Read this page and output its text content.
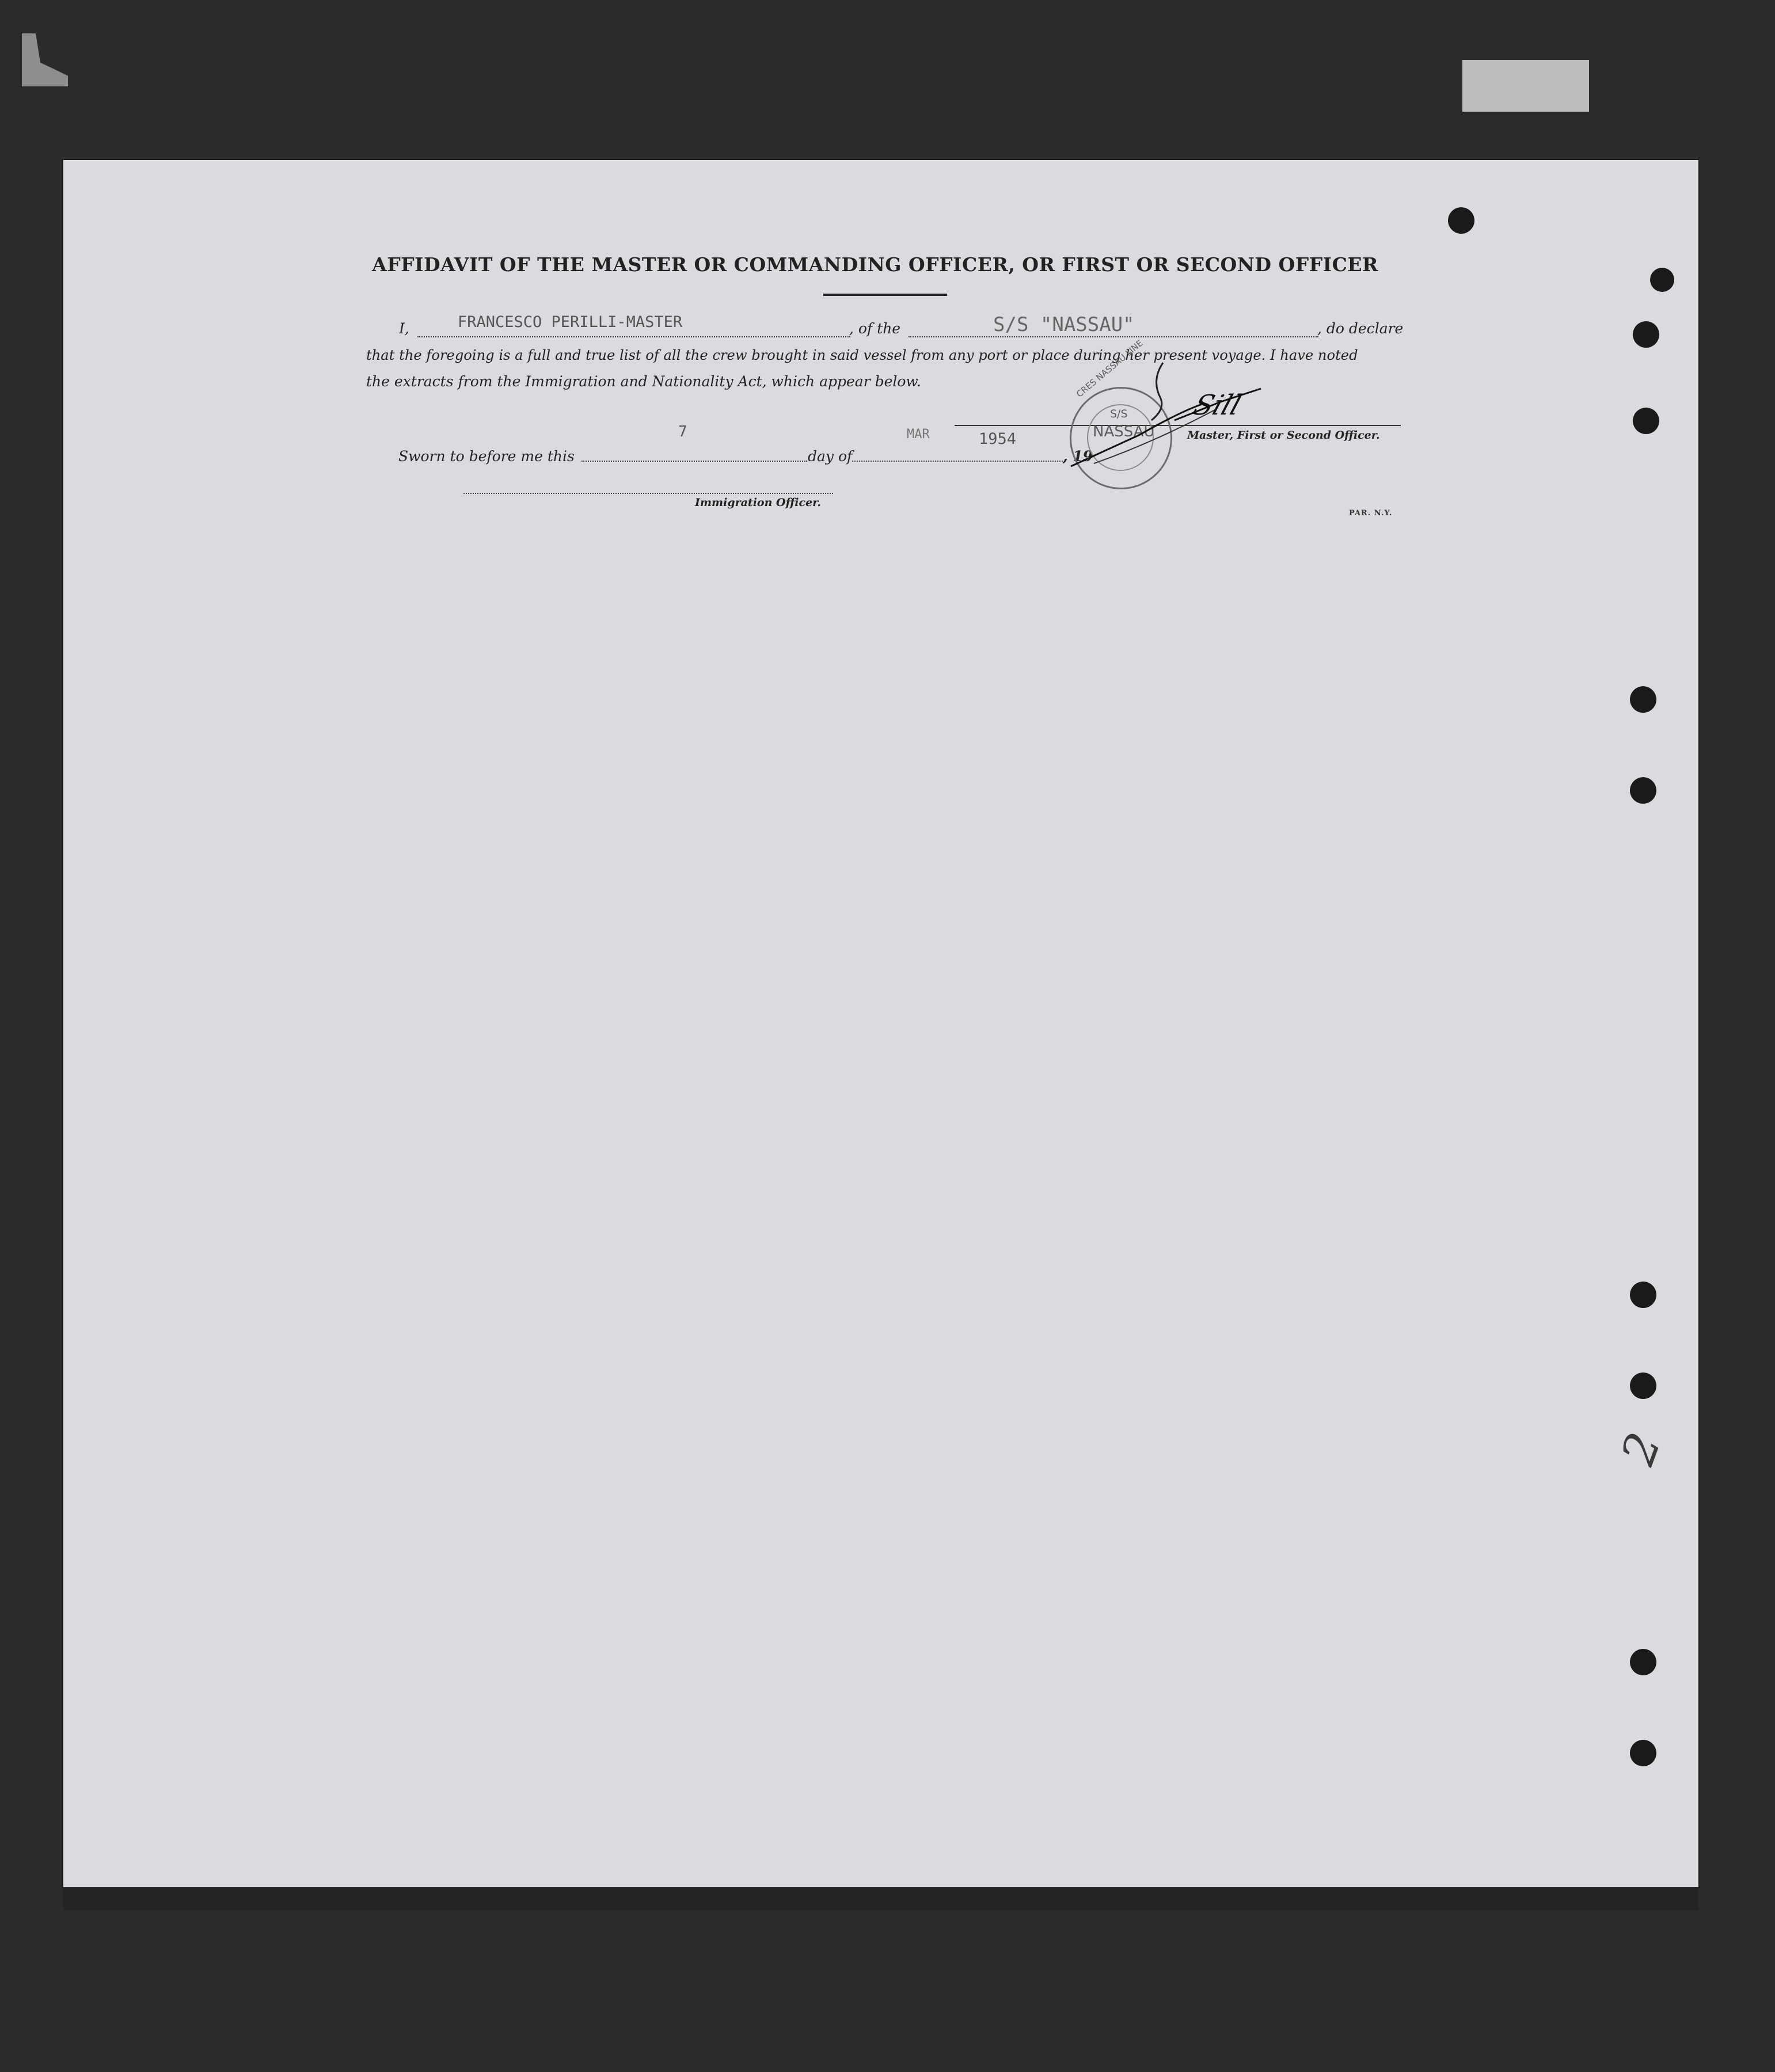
AFFIDAVIT OF THE MASTER OR COMMANDING OFFICER, OR FIRST OR SECOND OFFICER
I,	FRANCESCO PERILLI-MASTER	, of the	S/S "NASSAU"	, do declare
that the foregoing is a full and true list of all the crew brought in said vessel from any port or place during her present voyage. I have noted
the extracts from the Immigration and Nationality Act, which appear below.
7	MAR	1954
Sworn to before me this	day of	, 19
Master, First or Second Officer.
CRES NASSAU LINE
S/S
NASSAU
Sill
Immigration Officer.
PAR. N.Y.
2
